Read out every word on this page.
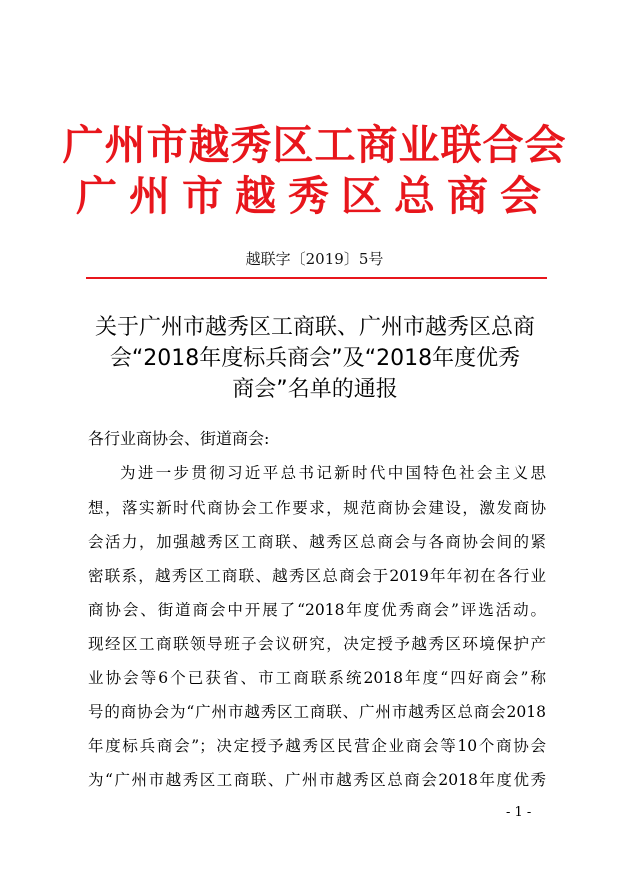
广州市越秀区工商业联合会
广州市越秀区总商会
越联字〔2019〕5号
关于广州市越秀区工商联、广州市越秀区总商
会“2018年度标兵商会”及“2018年度优秀
商会”名单的通报
各行业商协会、街道商会:
为进一步贯彻习近平总书记新时代中国特色社会主义思
想，落实新时代商协会工作要求，规范商协会建设，激发商协
会活力，加强越秀区工商联、越秀区总商会与各商协会间的紧
密联系，越秀区工商联、越秀区总商会于2019年年初在各行业
商协会、街道商会中开展了“2018年度优秀商会”评选活动。
现经区工商联领导班子会议研究，决定授予越秀区环境保护产
业协会等6个已获省、市工商联系统2018年度“四好商会”称
号的商协会为“广州市越秀区工商联、广州市越秀区总商会2018
年度标兵商会”；决定授予越秀区民营企业商会等10个商协会
为“广州市越秀区工商联、广州市越秀区总商会2018年度优秀
- 1 -
